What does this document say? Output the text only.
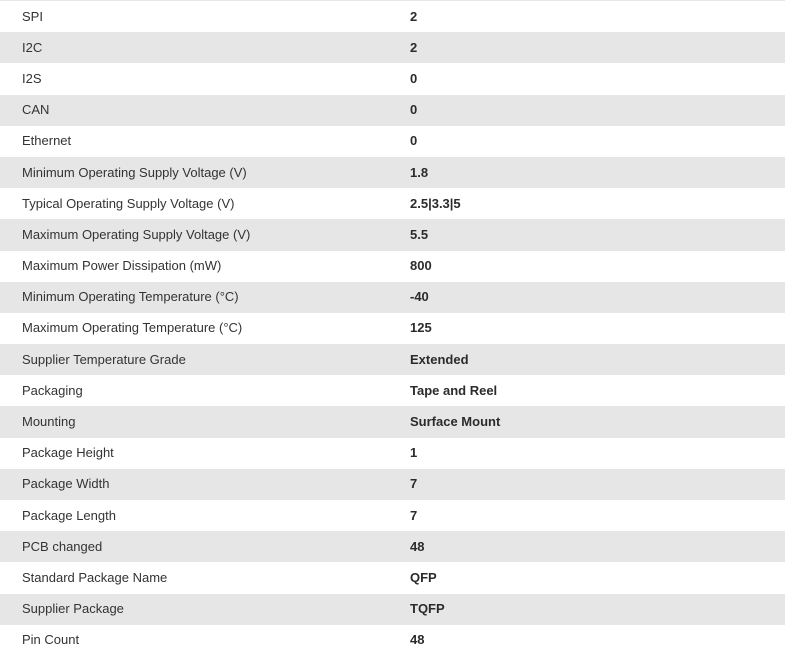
SPI	2
I2C	2
I2S	0
CAN	0
Ethernet	0
Minimum Operating Supply Voltage (V)	1.8
Typical Operating Supply Voltage (V)	2.5|3.3|5
Maximum Operating Supply Voltage (V)	5.5
Maximum Power Dissipation (mW)	800
Minimum Operating Temperature (°C)	-40
Maximum Operating Temperature (°C)	125
Supplier Temperature Grade	Extended
Packaging	Tape and Reel
Mounting	Surface Mount
Package Height	1
Package Width	7
Package Length	7
PCB changed	48
Standard Package Name	QFP
Supplier Package	TQFP
Pin Count	48
